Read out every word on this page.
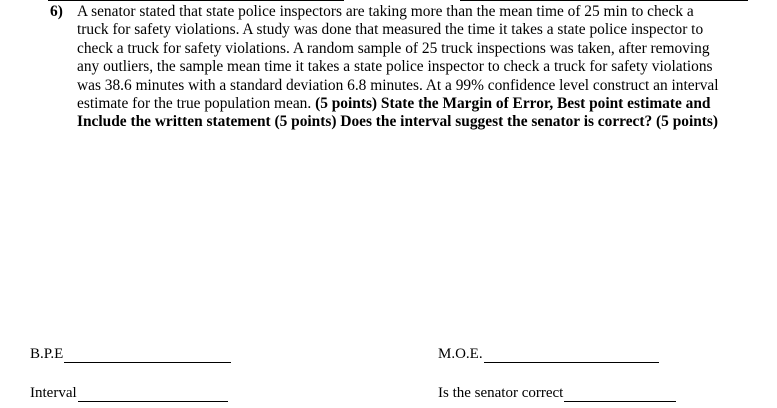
6) A senator stated that state police inspectors are taking more than the mean time of 25 min to check a
truck for safety violations. A study was done that measured the time it takes a state police inspector to
check a truck for safety violations. A random sample of 25 truck inspections was taken, after removing
any outliers, the sample mean time it takes a state police inspector to check a truck for safety violations
was 38.6 minutes with a standard deviation 6.8 minutes. At a 99% confidence level construct an interval
estimate for the true population mean. (5 points) State the Margin of Error, Best point estimate and
Include the written statement (5 points) Does the interval suggest the senator is correct? (5 points)
B.P.E	M.O.E.
Interval	Is the senator correct
